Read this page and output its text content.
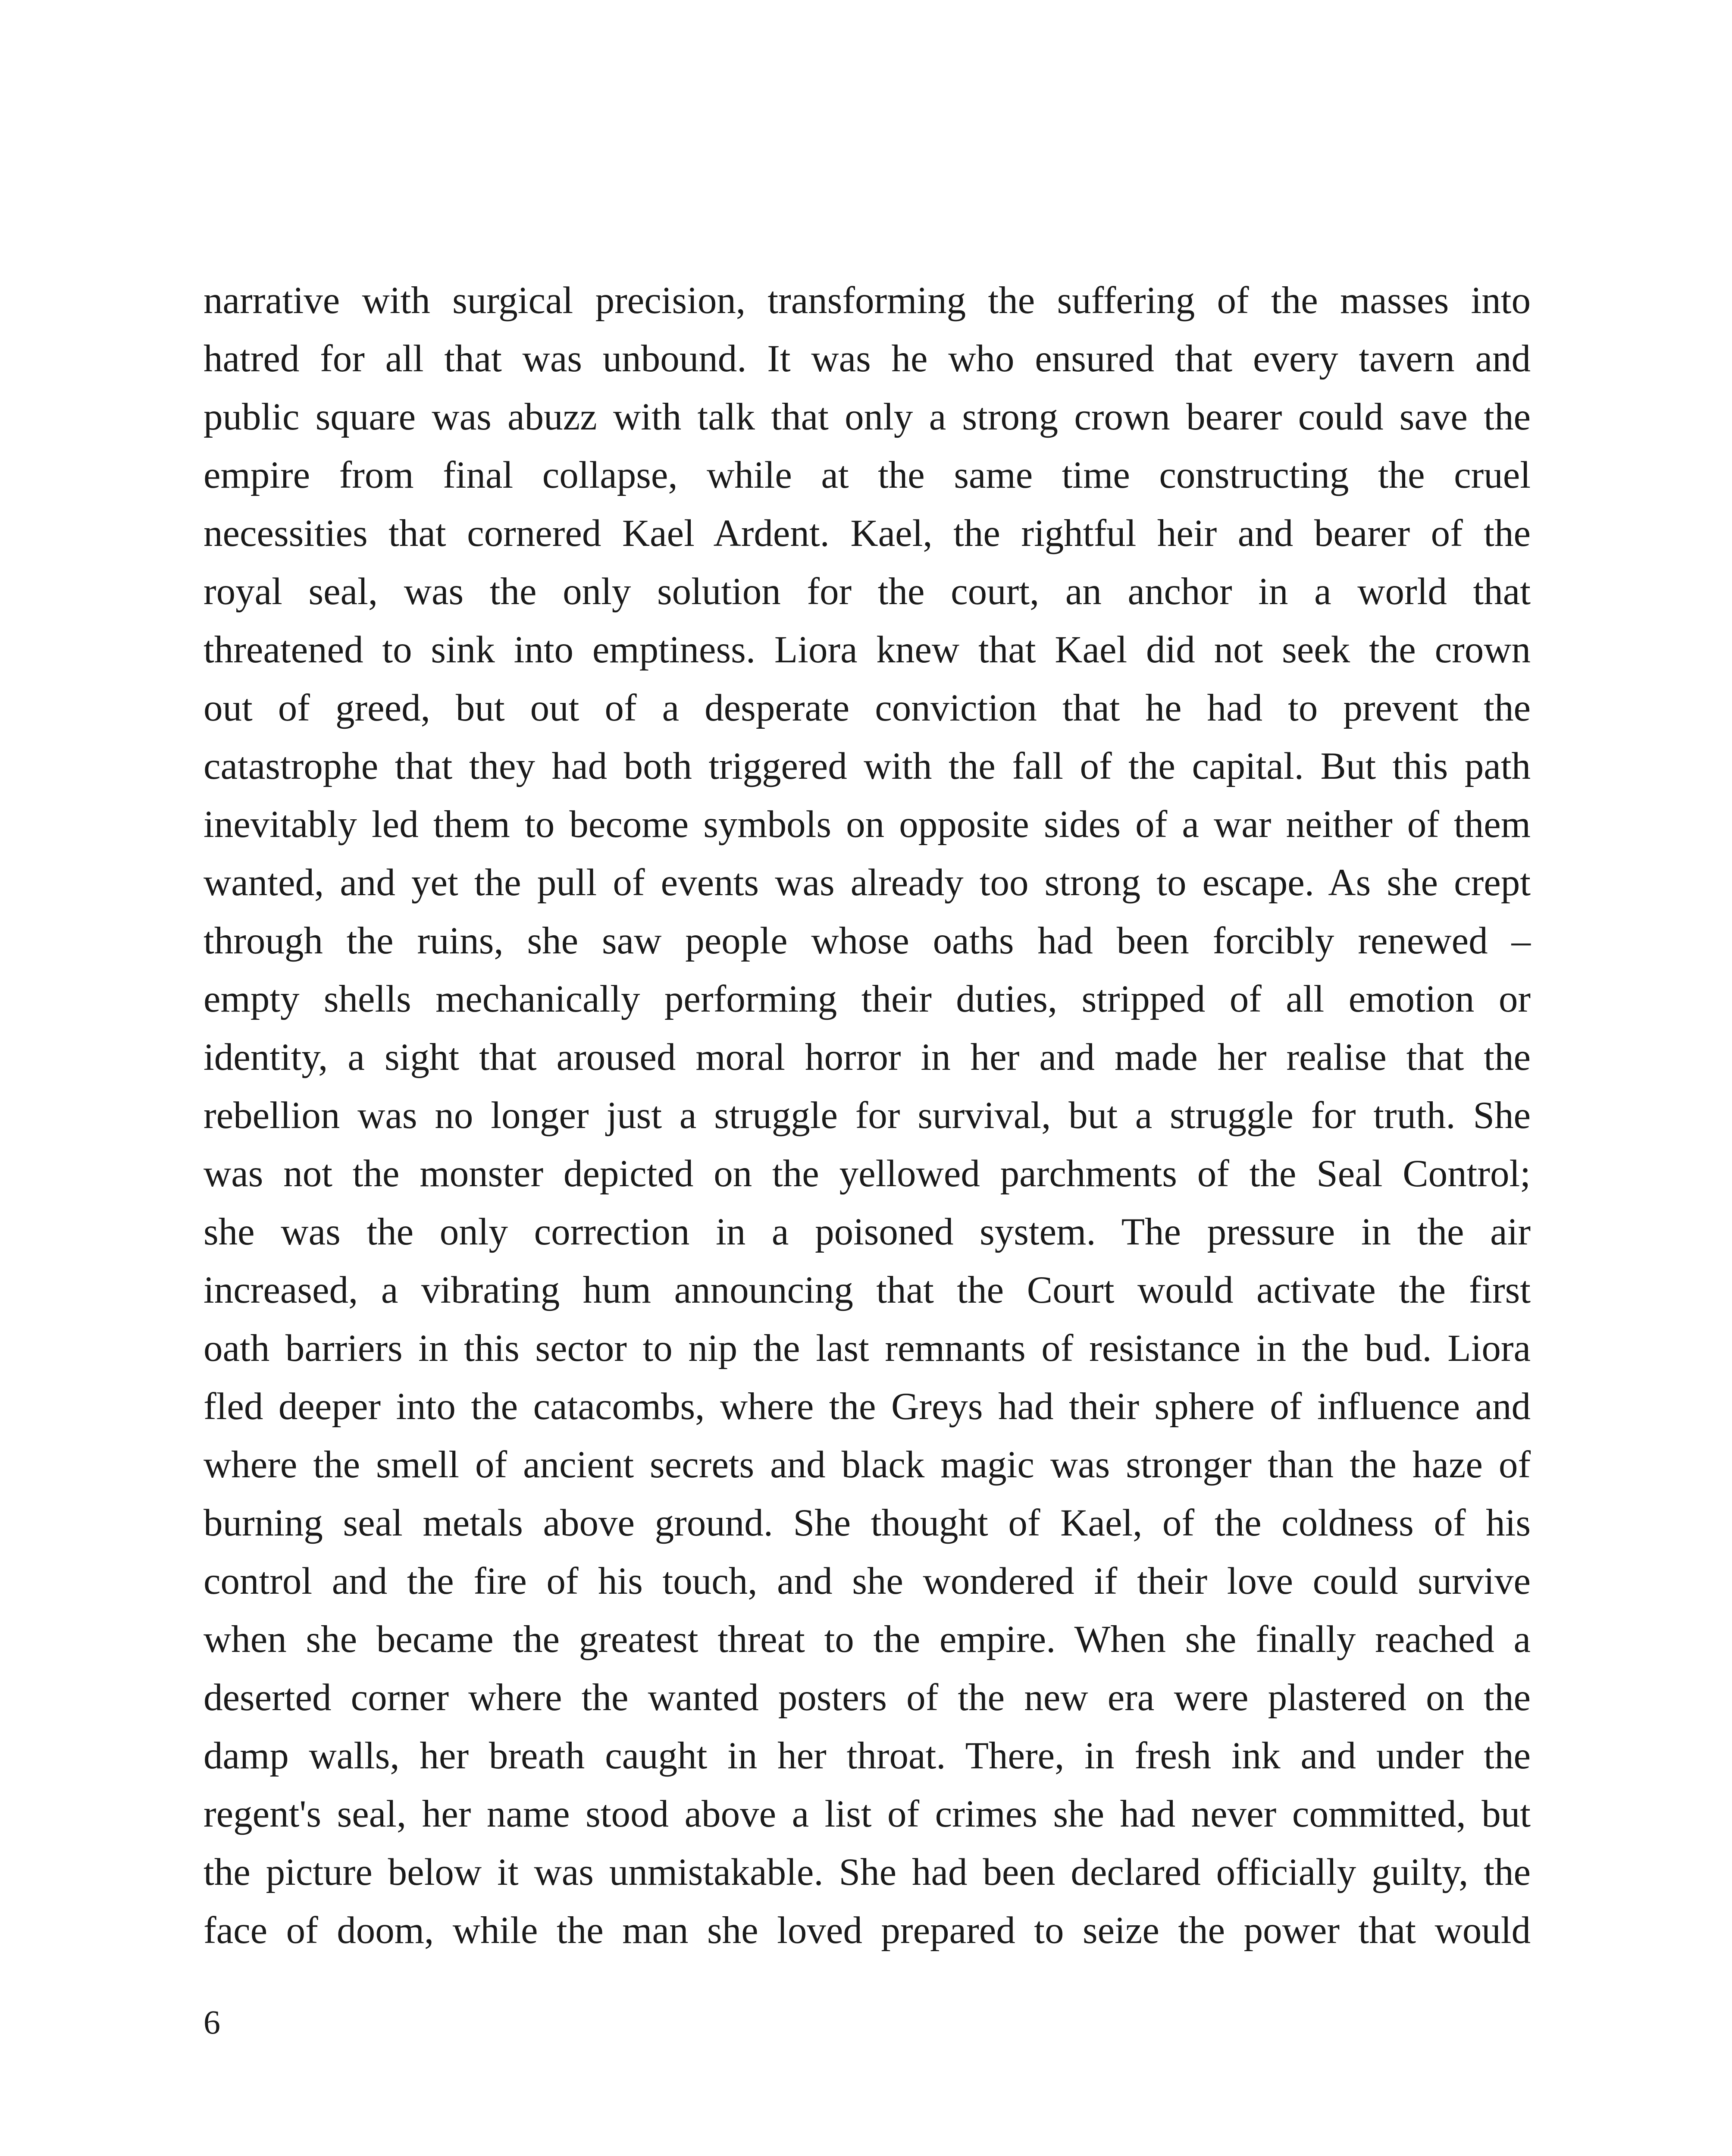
narrative with surgical precision, transforming the suffering of the masses into
hatred for all that was unbound. It was he who ensured that every tavern and
public square was abuzz with talk that only a strong crown bearer could save the
empire from final collapse, while at the same time constructing the cruel
necessities that cornered Kael Ardent. Kael, the rightful heir and bearer of the
royal seal, was the only solution for the court, an anchor in a world that
threatened to sink into emptiness. Liora knew that Kael did not seek the crown
out of greed, but out of a desperate conviction that he had to prevent the
catastrophe that they had both triggered with the fall of the capital. But this path
inevitably led them to become symbols on opposite sides of a war neither of them
wanted, and yet the pull of events was already too strong to escape. As she crept
through the ruins, she saw people whose oaths had been forcibly renewed –
empty shells mechanically performing their duties, stripped of all emotion or
identity, a sight that aroused moral horror in her and made her realise that the
rebellion was no longer just a struggle for survival, but a struggle for truth. She
was not the monster depicted on the yellowed parchments of the Seal Control;
she was the only correction in a poisoned system. The pressure in the air
increased, a vibrating hum announcing that the Court would activate the first
oath barriers in this sector to nip the last remnants of resistance in the bud. Liora
fled deeper into the catacombs, where the Greys had their sphere of influence and
where the smell of ancient secrets and black magic was stronger than the haze of
burning seal metals above ground. She thought of Kael, of the coldness of his
control and the fire of his touch, and she wondered if their love could survive
when she became the greatest threat to the empire. When she finally reached a
deserted corner where the wanted posters of the new era were plastered on the
damp walls, her breath caught in her throat. There, in fresh ink and under the
regent's seal, her name stood above a list of crimes she had never committed, but
the picture below it was unmistakable. She had been declared officially guilty, the
face of doom, while the man she loved prepared to seize the power that would
6
